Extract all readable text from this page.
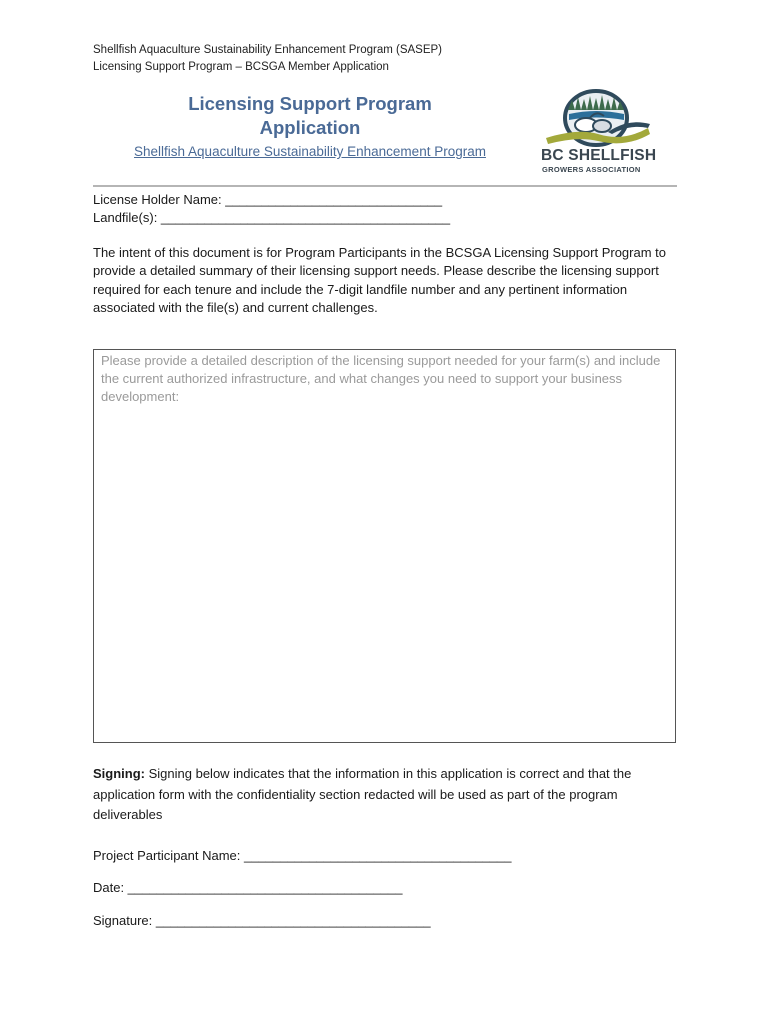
Shellfish Aquaculture Sustainability Enhancement Program (SASEP)
Licensing Support Program – BCSGA Member Application
Licensing Support Program Application
Shellfish Aquaculture Sustainability Enhancement Program	BC SHELLFISH
GROWERS ASSOCIATION
License Holder Name: ______________________________
Landfile(s): ________________________________________
The intent of this document is for Program Participants in the BCSGA Licensing Support Program to provide a detailed summary of their licensing support needs. Please describe the licensing support required for each tenure and include the 7-digit landfile number and any pertinent information associated with the file(s) and current challenges.
Please provide a detailed description of the licensing support needed for your farm(s) and include the current authorized infrastructure, and what changes you need to support your business development:
Signing: Signing below indicates that the information in this application is correct and that the application form with the confidentiality section redacted will be used as part of the program deliverables
Project Participant Name: _____________________________________
Date: ______________________________________
Signature: ______________________________________
